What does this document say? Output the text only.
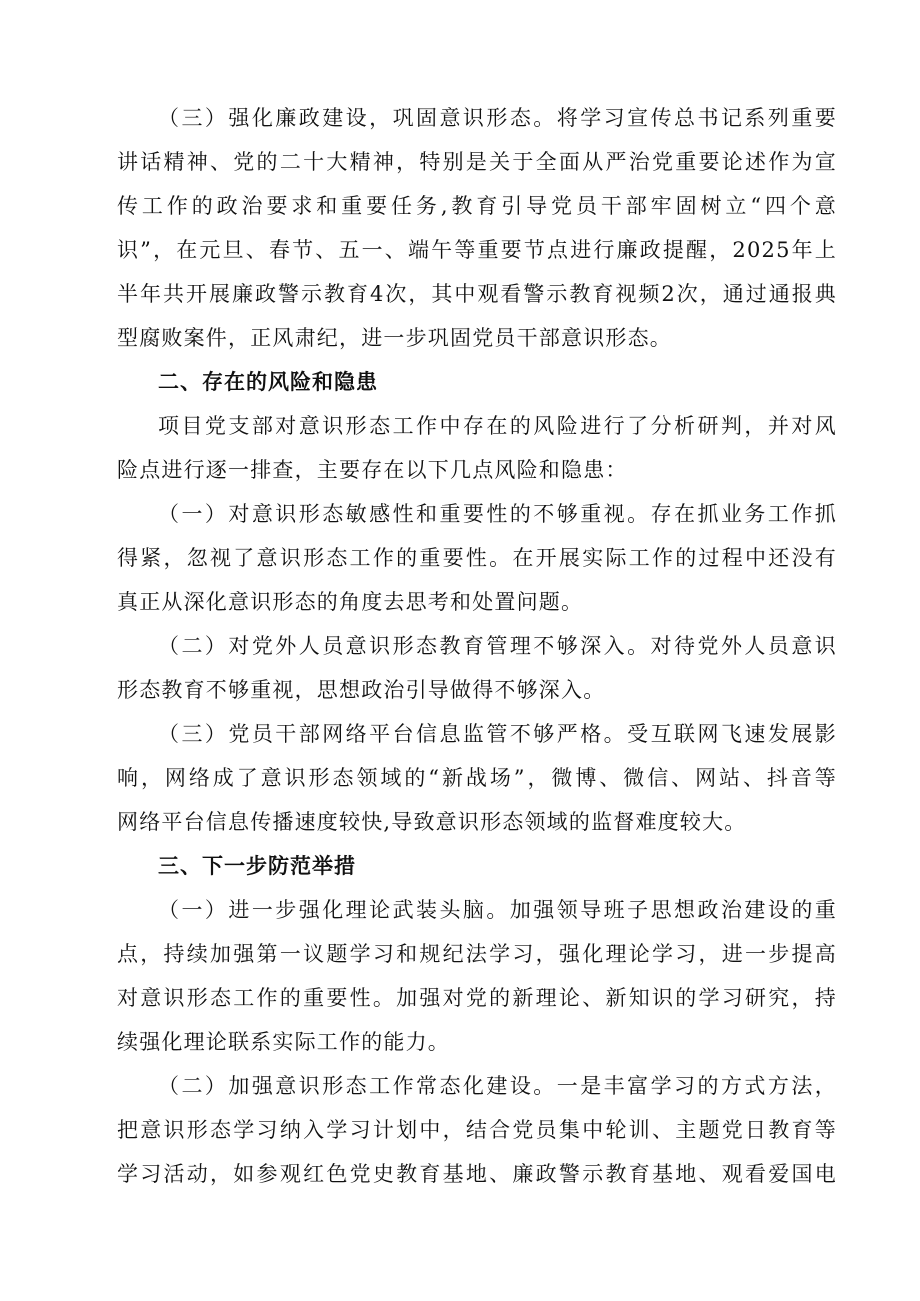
（三）强化廉政建设，巩固意识形态。将学习宣传总书记系列重要
讲话精神、党的二十大精神，特别是关于全面从严治党重要论述作为宣
传工作的政治要求和重要任务,教育引导党员干部牢固树立“四个意
识”，在元旦、春节、五一、端午等重要节点进行廉政提醒，2025年上
半年共开展廉政警示教育4次，其中观看警示教育视频2次，通过通报典
型腐败案件，正风肃纪，进一步巩固党员干部意识形态。
二、存在的风险和隐患
项目党支部对意识形态工作中存在的风险进行了分析研判，并对风
险点进行逐一排查，主要存在以下几点风险和隐患：
（一）对意识形态敏感性和重要性的不够重视。存在抓业务工作抓
得紧，忽视了意识形态工作的重要性。在开展实际工作的过程中还没有
真正从深化意识形态的角度去思考和处置问题。
（二）对党外人员意识形态教育管理不够深入。对待党外人员意识
形态教育不够重视，思想政治引导做得不够深入。
（三）党员干部网络平台信息监管不够严格。受互联网飞速发展影
响，网络成了意识形态领域的“新战场”，微博、微信、网站、抖音等
网络平台信息传播速度较快,导致意识形态领域的监督难度较大。
三、下一步防范举措
（一）进一步强化理论武装头脑。加强领导班子思想政治建设的重
点，持续加强第一议题学习和规纪法学习，强化理论学习，进一步提高
对意识形态工作的重要性。加强对党的新理论、新知识的学习研究，持
续强化理论联系实际工作的能力。
（二）加强意识形态工作常态化建设。一是丰富学习的方式方法，
把意识形态学习纳入学习计划中，结合党员集中轮训、主题党日教育等
学习活动，如参观红色党史教育基地、廉政警示教育基地、观看爱国电
